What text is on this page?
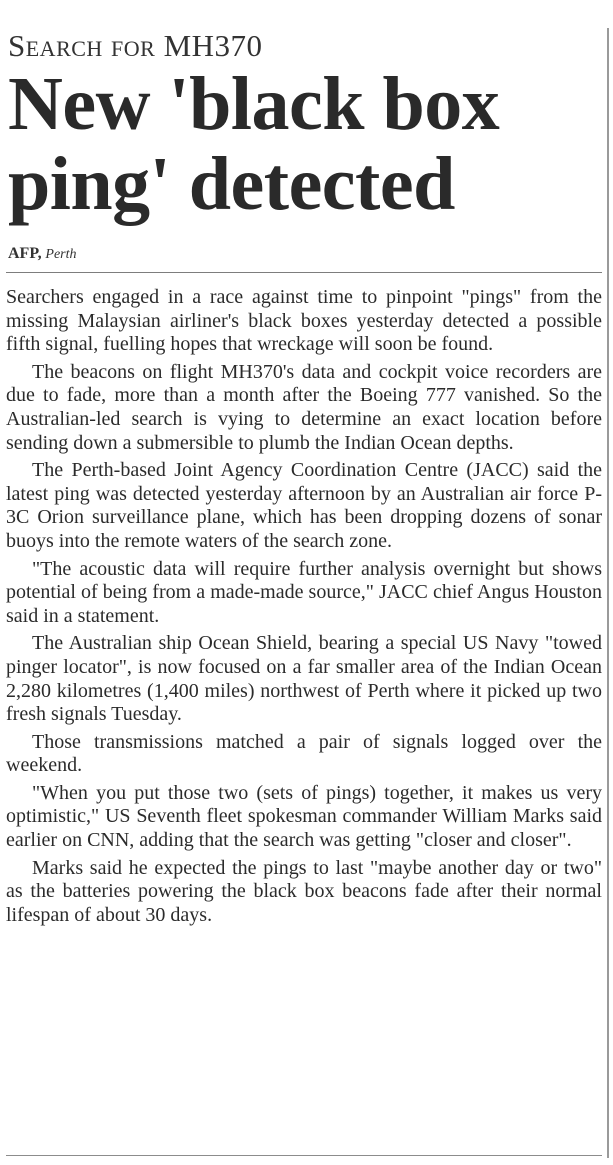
Search for MH370
New 'black box ping' detected
AFP, Perth

Searchers engaged in a race against time to pinpoint "pings" from the missing Malaysian airliner's black boxes yesterday detected a possible fifth signal, fuelling hopes that wreckage will soon be found.

The beacons on flight MH370's data and cockpit voice recorders are due to fade, more than a month after the Boeing 777 vanished. So the Australian-led search is vying to determine an exact location before sending down a submersible to plumb the Indian Ocean depths.

The Perth-based Joint Agency Coordination Centre (JACC) said the latest ping was detected yesterday afternoon by an Australian air force P-3C Orion surveillance plane, which has been dropping dozens of sonar buoys into the remote waters of the search zone.

"The acoustic data will require further analysis overnight but shows potential of being from a made-made source," JACC chief Angus Houston said in a statement.

The Australian ship Ocean Shield, bearing a special US Navy "towed pinger locator", is now focused on a far smaller area of the Indian Ocean 2,280 kilometres (1,400 miles) northwest of Perth where it picked up two fresh signals Tuesday.

Those transmissions matched a pair of signals logged over the weekend.

"When you put those two (sets of pings) together, it makes us very optimistic," US Seventh fleet spokesman commander William Marks said earlier on CNN, adding that the search was getting "closer and closer".

Marks said he expected the pings to last "maybe another day or two" as the batteries powering the black box beacons fade after their normal lifespan of about 30 days.
